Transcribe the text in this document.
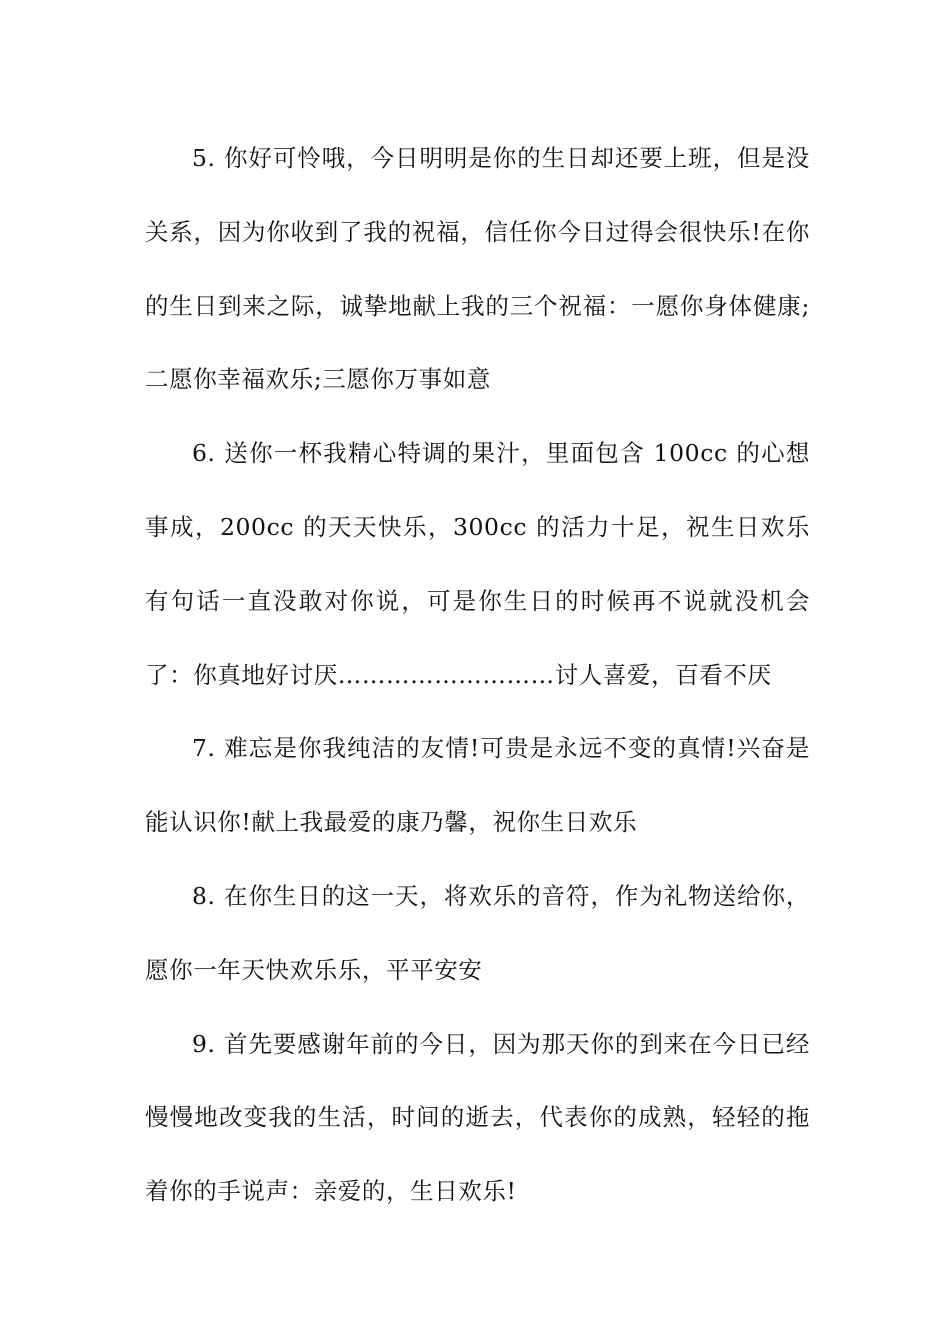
5. 你好可怜哦，今日明明是你的生日却还要上班，但是没关系，因为你收到了我的祝福，信任你今日过得会很快乐!在你的生日到来之际，诚挚地献上我的三个祝福：一愿你身体健康;二愿你幸福欢乐;三愿你万事如意

6. 送你一杯我精心特调的果汁，里面包含 100cc 的心想事成，200cc 的天天快乐，300cc 的活力十足，祝生日欢乐有句话一直没敢对你说，可是你生日的时候再不说就没机会了：你真地好讨厌………………………讨人喜爱，百看不厌

7. 难忘是你我纯洁的友情!可贵是永远不变的真情!兴奋是能认识你!献上我最爱的康乃馨，祝你生日欢乐

8. 在你生日的这一天，将欢乐的音符，作为礼物送给你，愿你一年天快欢乐乐，平平安安

9. 首先要感谢年前的今日，因为那天你的到来在今日已经慢慢地改变我的生活，时间的逝去，代表你的成熟，轻轻的拖着你的手说声：亲爱的，生日欢乐!
